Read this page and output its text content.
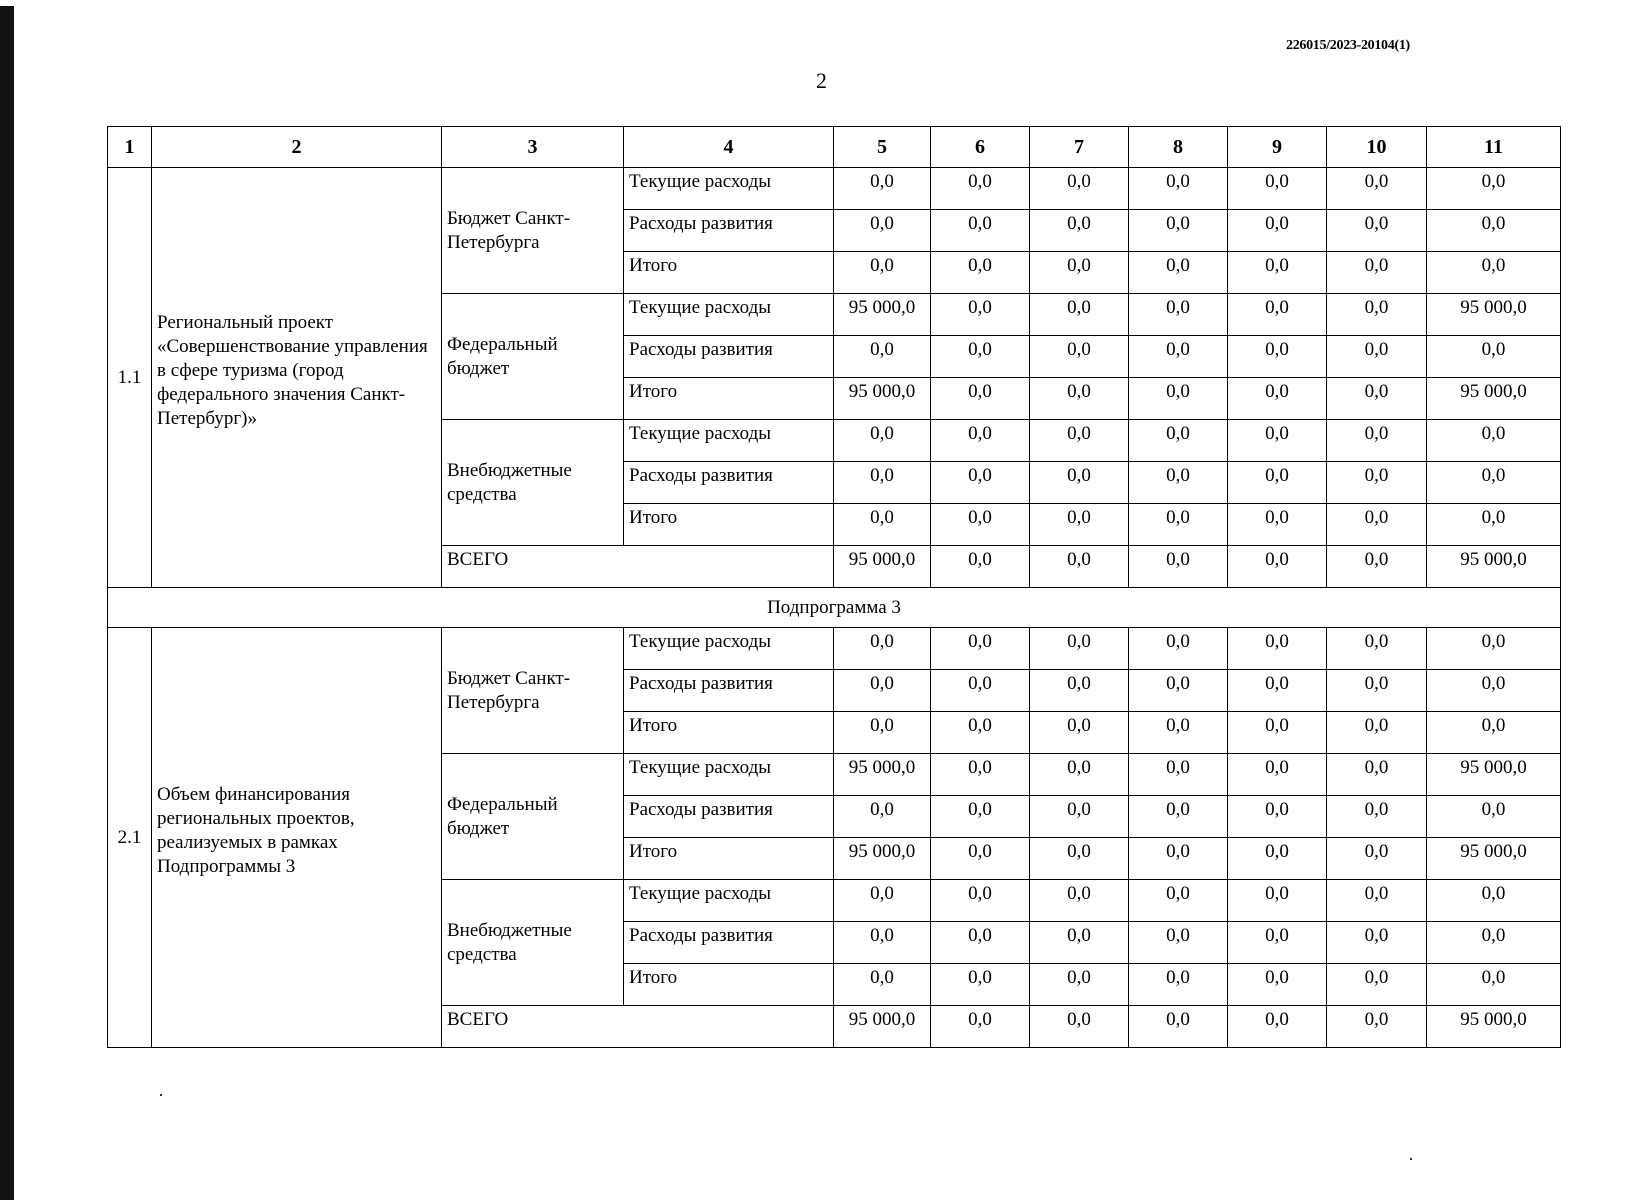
226015/2023-20104(1)
2
1	2	3	4	5	6	7	8	9	10	11
1.1	Региональный проект «Совершенствование управления в сфере туризма (город федерального значения Санкт-Петербург)»	Бюджет Санкт-Петербурга	Текущие расходы	0,0	0,0	0,0	0,0	0,0	0,0	0,0
			Расходы развития	0,0	0,0	0,0	0,0	0,0	0,0	0,0
			Итого	0,0	0,0	0,0	0,0	0,0	0,0	0,0
		Федеральный бюджет	Текущие расходы	95 000,0	0,0	0,0	0,0	0,0	0,0	95 000,0
			Расходы развития	0,0	0,0	0,0	0,0	0,0	0,0	0,0
			Итого	95 000,0	0,0	0,0	0,0	0,0	0,0	95 000,0
		Внебюджетные средства	Текущие расходы	0,0	0,0	0,0	0,0	0,0	0,0	0,0
			Расходы развития	0,0	0,0	0,0	0,0	0,0	0,0	0,0
			Итого	0,0	0,0	0,0	0,0	0,0	0,0	0,0
		ВСЕГО		95 000,0	0,0	0,0	0,0	0,0	0,0	95 000,0
Подпрограмма 3										
2.1	Объем финансирования региональных проектов, реализуемых в рамках Подпрограммы 3	Бюджет Санкт-Петербурга	Текущие расходы	0,0	0,0	0,0	0,0	0,0	0,0	0,0
			Расходы развития	0,0	0,0	0,0	0,0	0,0	0,0	0,0
			Итого	0,0	0,0	0,0	0,0	0,0	0,0	0,0
		Федеральный бюджет	Текущие расходы	95 000,0	0,0	0,0	0,0	0,0	0,0	95 000,0
			Расходы развития	0,0	0,0	0,0	0,0	0,0	0,0	0,0
			Итого	95 000,0	0,0	0,0	0,0	0,0	0,0	95 000,0
		Внебюджетные средства	Текущие расходы	0,0	0,0	0,0	0,0	0,0	0,0	0,0
			Расходы развития	0,0	0,0	0,0	0,0	0,0	0,0	0,0
			Итого	0,0	0,0	0,0	0,0	0,0	0,0	0,0
		ВСЕГО		95 000,0	0,0	0,0	0,0	0,0	0,0	95 000,0
